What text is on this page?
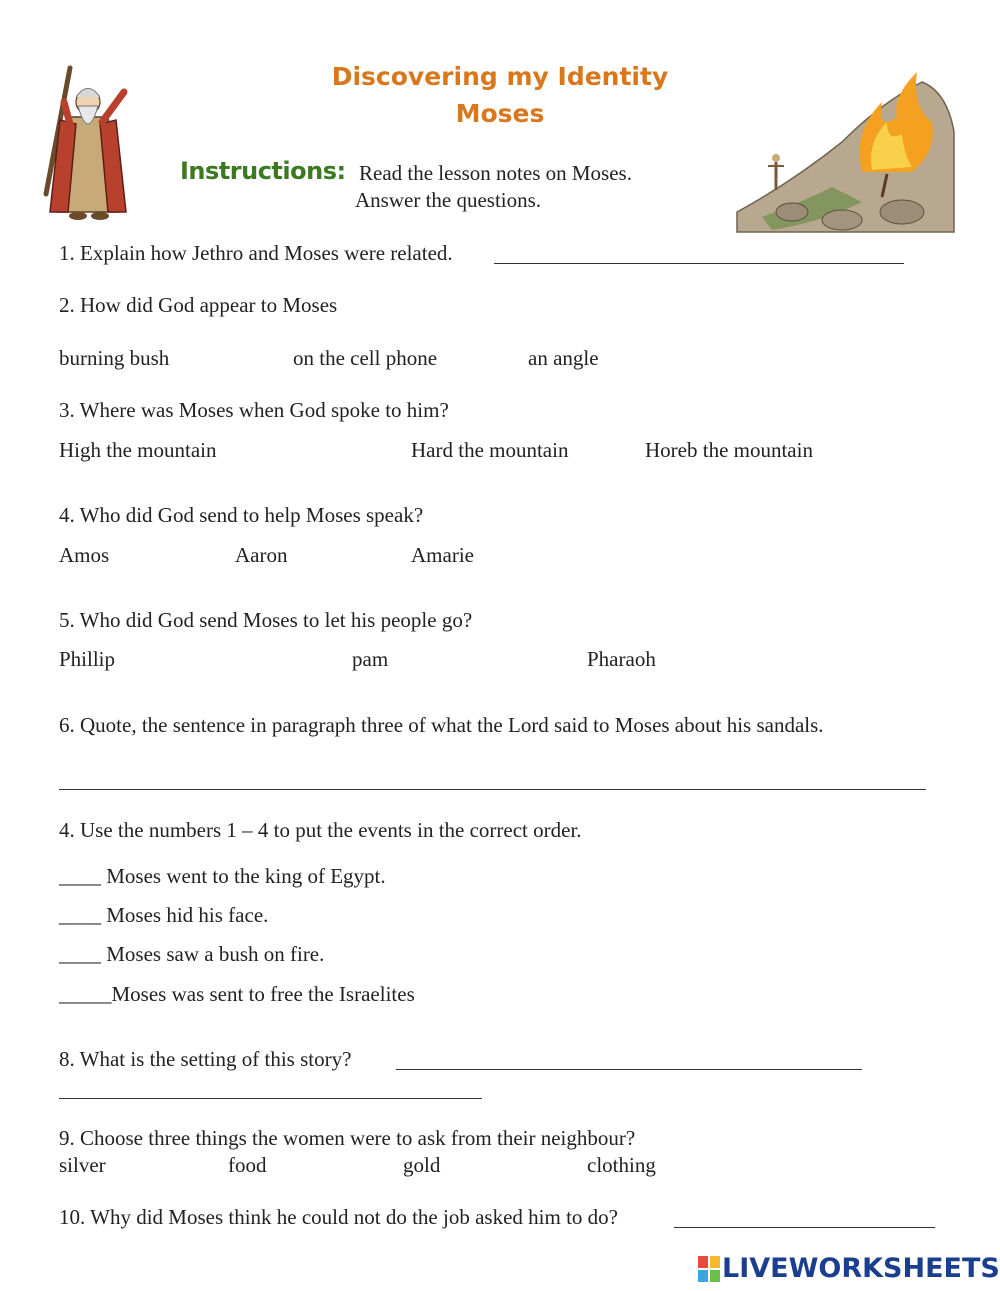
Discovering my Identity
Moses
Instructions: Read the lesson notes on Moses.
Answer the questions.
1. Explain how Jethro and Moses were related.
2. How did God appear to Moses
burning bush	on the cell phone	an angle
3. Where was Moses when God spoke to him?
High the mountain	Hard the mountain	Horeb the mountain
4. Who did God send to help Moses speak?
Amos	Aaron	Amarie
5. Who did God send Moses to let his people go?
Phillip	pam	Pharaoh
6. Quote, the sentence in paragraph three of what the Lord said to Moses about his sandals.
4. Use the numbers 1 – 4 to put the events in the correct order.
____ Moses went to the king of Egypt.
____ Moses hid his face.
____ Moses saw a bush on fire.
_____Moses was sent to free the Israelites
8. What is the setting of this story?
9. Choose three things the women were to ask from their neighbour?
silver	food	gold	clothing
10. Why did Moses think he could not do the job asked him to do?
LIVEWORKSHEETS
